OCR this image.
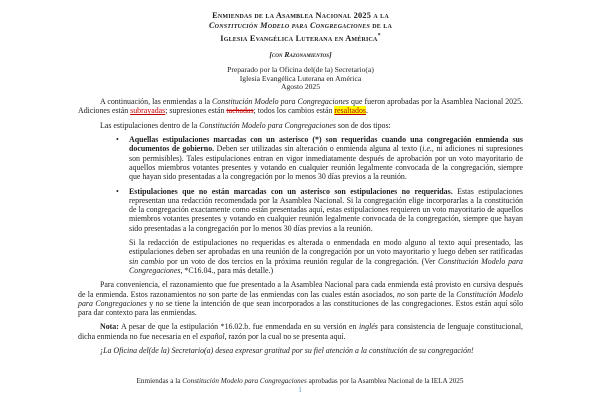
Enmiendas de la Asamblea Nacional 2025 a la
Constitución Modelo para Congregaciones de la
Iglesia Evangélica Luterana en América*
[con Razonamientos]
Preparado por la Oficina del(de la) Secretario(a)
Iglesia Evangélica Luterana en América
Agosto 2025

A continuación, las enmiendas a la Constitución Modelo para Congregaciones que fueron aprobadas por la Asamblea Nacional 2025. Adiciones están subrayadas; supresiones están tachadas; todos los cambios están resaltados.

Las estipulaciones dentro de la Constitución Modelo para Congregaciones son de dos tipos:

•	Aquellas estipulaciones marcadas con un asterisco (*) son requeridas cuando una congregación enmienda sus documentos de gobierno. Deben ser utilizadas sin alteración o enmienda alguna al texto (i.e., ni adiciones ni supresiones son permisibles). Tales estipulaciones entran en vigor inmediatamente después de aprobación por un voto mayoritario de aquellos miembros votantes presentes y votando en cualquier reunión legalmente convocada de la congregación, siempre que hayan sido presentadas a la congregación por lo menos 30 días previos a la reunión.
•	Estipulaciones que no están marcadas con un asterisco son estipulaciones no requeridas. Estas estipulaciones representan una redacción recomendada por la Asamblea Nacional. Si la congregación elige incorporarlas a la constitución de la congregación exactamente como están presentadas aquí, estas estipulaciones requieren un voto mayoritario de aquellos miembros votantes presentes y votando en cualquier reunión legalmente convocada de la congregación, siempre que hayan sido presentadas a la congregación por lo menos 30 días previos a la reunión.

Si la redacción de estipulaciones no requeridas es alterada o enmendada en modo alguno al texto aquí presentado, las estipulaciones deben ser aprobadas en una reunión de la congregación por un voto mayoritario y luego deben ser ratificadas sin cambio por un voto de dos tercios en la próxima reunión regular de la congregación. (Ver Constitución Modelo para Congregaciones, *C16.04., para más detalle.)

Para conveniencia, el razonamiento que fue presentado a la Asamblea Nacional para cada enmienda está provisto en cursiva después de la enmienda. Estos razonamientos no son parte de las enmiendas con las cuales están asociados, no son parte de la Constitución Modelo para Congregaciones y no se tiene la intención de que sean incorporados a las constituciones de las congregaciones. Estos están aquí sólo para dar contexto para las enmiendas.

Nota: A pesar de que la estipulación *16.02.b. fue enmendada en su versión en inglés para consistencia de lenguaje constitucional, dicha enmienda no fue necesaria en el español, razón por la cual no se presenta aquí.

¡La Oficina del(de la) Secretario(a) desea expresar gratitud por su fiel atención a la constitución de su congregación!

Enmiendas a la Constitución Modelo para Congregaciones aprobadas por la Asamblea Nacional de la IELA 2025
1
